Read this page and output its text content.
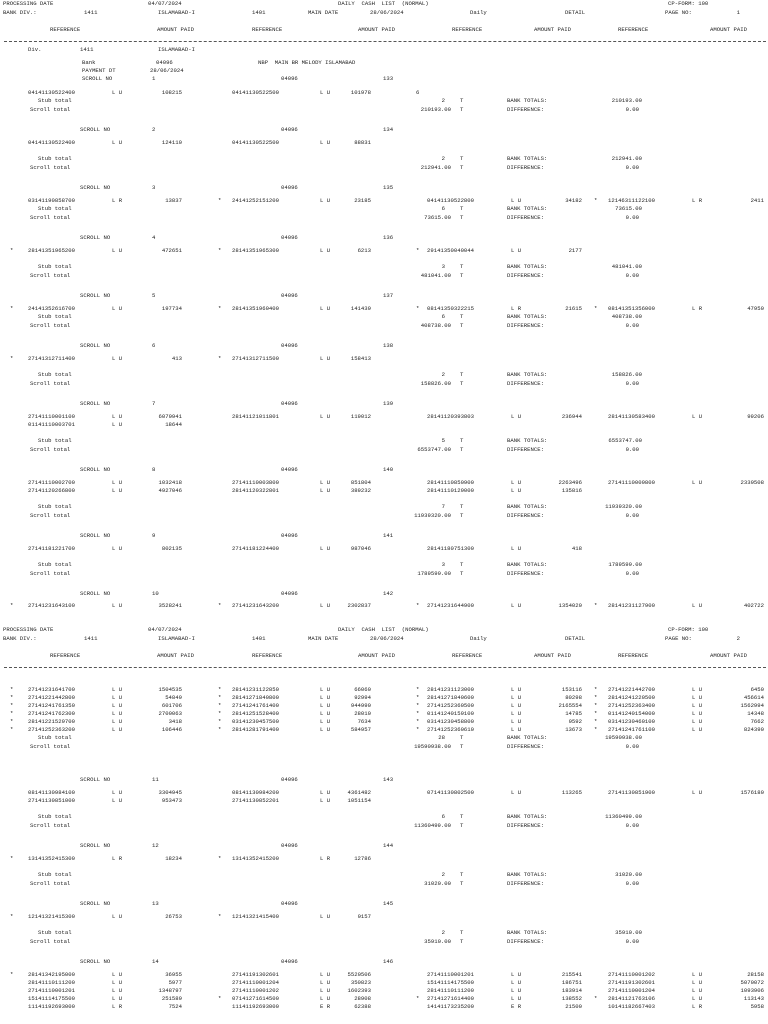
PROCESSING DATE	04/07/2024	DAILY  CASH  LIST  (NORMAL)	CP-FORM: 100
BANK DIV.:	1411	ISLAMABAD-I	1401	MAIN DATE	28/06/2024	Daily	DETAIL	PAGE NO:	1
REFERENCE	AMOUNT PAID	REFERENCE	AMOUNT PAID	REFERENCE	AMOUNT PAID	REFERENCE	AMOUNT PAID
Div.	1411	ISLAMABAD-I
Bank	04096	NBP  MAIN BR MELODY ISLAMABAD
PAYMENT DT	28/06/2024
SCROLL NO	1	04096	133
04141130522400	L U	108215	04141130522500	L U	101978	6
Stub total	2	T	BANK TOTALS:	210193.00
Scroll total	210193.00 T	DIFFERENCE:	0.00
SCROLL NO	2	04096	134
04141130522400	L U	124110	04141130522500	L U	88831
Stub total	2	T	BANK TOTALS:	212941.00
Scroll total	212941.00 T	DIFFERENCE:	0.00
SCROLL NO	3	04096	135
03141190858700	L R	13837	* 24141252151200	L U	23185	04141130522800	L U	34182 * 12146311122100	L R	2411
Stub total	6	T	BANK TOTALS:	73615.00
Scroll total	73615.00 T	DIFFERENCE:	0.00
SCROLL NO	4	04096	136
*	28141351965200	L U	472651	* 28141351965300	L U	6213	* 29141350040044	L U	2177
Stub total	3	T	BANK TOTALS:	481041.00
Scroll total	481041.00 T	DIFFERENCE:	0.00
SCROLL NO	5	04096	137
*	24141352616700	L U	197734	* 28141351960400	L U	141439	* 08141350322215	L R	21615 * 08141351356000	L R	47950
Stub total	6	T	BANK TOTALS:	408738.00
Scroll total	408738.00 T	DIFFERENCE:	0.00
SCROLL NO	6	04096	138
*	27141312711400	L U	413	* 27141312711500	L U	158413
Stub total	2	T	BANK TOTALS:	158826.00
Scroll total	158826.00 T	DIFFERENCE:	0.00
SCROLL NO	7	04096	139
27141110001100	L U	6079941	28141121011801	L U	119012	28141120393803	L U	236944	28141130583400	L U	99206
01141110003701	L U	18644
Stub total	5	T	BANK TOTALS:	6553747.00
Scroll total	6553747.00 T	DIFFERENCE:	0.00
SCROLL NO	8	04096	140
27141110002700	L U	1032418	27141110003800	L U	851804	28141110850900	L U	2263496	27141110009800	L U	2339508
27141120266800	L U	4927046	28141120322801	L U	389232	28141110129000	L U	135816
Stub total	7	T	BANK TOTALS:	11939320.00
Scroll total	11939320.00 T	DIFFERENCE:	0.00
SCROLL NO	9	04096	141
27141181221700	L U	802135	27141181224400	L U	987046	28141180751300	L U	418
Stub total	3	T	BANK TOTALS:	1789599.00
Scroll total	1789599.00 T	DIFFERENCE:	0.00
SCROLL NO	10	04096	142
*	27141231643100	L U	3528241	* 27141231643200	L U	2302837	* 27141231644900	L U	1354020 * 28141231127900	L U	402722
PROCESSING DATE	04/07/2024	DAILY  CASH  LIST  (NORMAL)	CP-FORM: 100
BANK DIV.:	1411	ISLAMABAD-I	1401	MAIN DATE	28/06/2024	Daily	DETAIL	PAGE NO:	2
REFERENCE	AMOUNT PAID	REFERENCE	AMOUNT PAID	REFERENCE	AMOUNT PAID	REFERENCE	AMOUNT PAID
*	27141231641700	L U	1504535	* 28141231122850	L U	66060	* 28141231123000	L U	153116 * 27141221442700	L U	6450
*	27141221442800	L U	54849	* 28141271840800	L U	92994	* 28141271840600	L U	80298 * 28141241220500	L U	456614
*	27141241761350	L U	601706	* 27141241761400	L U	944990	* 27141252360500	L U	2165554 * 27141252363400	L U	1562994
*	27141241762300	L U	2700063	* 28141251528400	L U	28010	* 01141240159100	L U	14785 * 01141240154000	L U	14348
*	28141221529700	L U	3418	* 03141230457500	L U	7634	* 03141230458800	L U	9592 * 03141230460100	L U	7662
*	27141252363200	L U	106446	* 28141281791400	L U	584957	* 27141252360610	L U	13673 * 27141241761100	L U	824390
Stub total	28	T	BANK TOTALS:	19590938.00
Scroll total	19590938.00 T	DIFFERENCE:	0.00
SCROLL NO	11	04096	143
08141130984100	L U	3304945	08141130984200	L U	4361482	07141130802500	L U	113265	27141130851900	L U	1576180
27141130851000	L U	953473	27141130852201	L U	1051154
Stub total	6	T	BANK TOTALS:	11360499.00
Scroll total	11360499.00 T	DIFFERENCE:	0.00
SCROLL NO	12	04096	144
*	13141352415300	L R	18234	* 13141352415200	L R	12786
Stub total	2	T	BANK TOTALS:	31020.00
Scroll total	31020.00 T	DIFFERENCE:	0.00
SCROLL NO	13	04096	145
*	12141321415300	L U	26753	* 12141321415400	L U	9157
Stub total	2	T	BANK TOTALS:	35910.00
Scroll total	35910.00 T	DIFFERENCE:	0.00
SCROLL NO	14	04096	146
*	28141342195000	L U	36955	27141191302601	L U	5520506	27141110001201	L U	215541	27141110001202	L U	28158
28141110111200	L U	5977	27141110001204	L U	350823	15141114175500	L U	186751	27141191302601	L U	5070072
27141110001201	L U	1348797	27141110001202	L U	1602393	28141110111200	L U	183914	27141110001204	L U	1093906
15141114175500	L U	251589	* 07141271614500	L U	28908	* 27141271614400	L U	138552 * 28141121763106	L U	113143
11141192693000	L R	7524	11141192693000	E R	62388	14141173235200	E R	21500	10141182667403	L R	5958
